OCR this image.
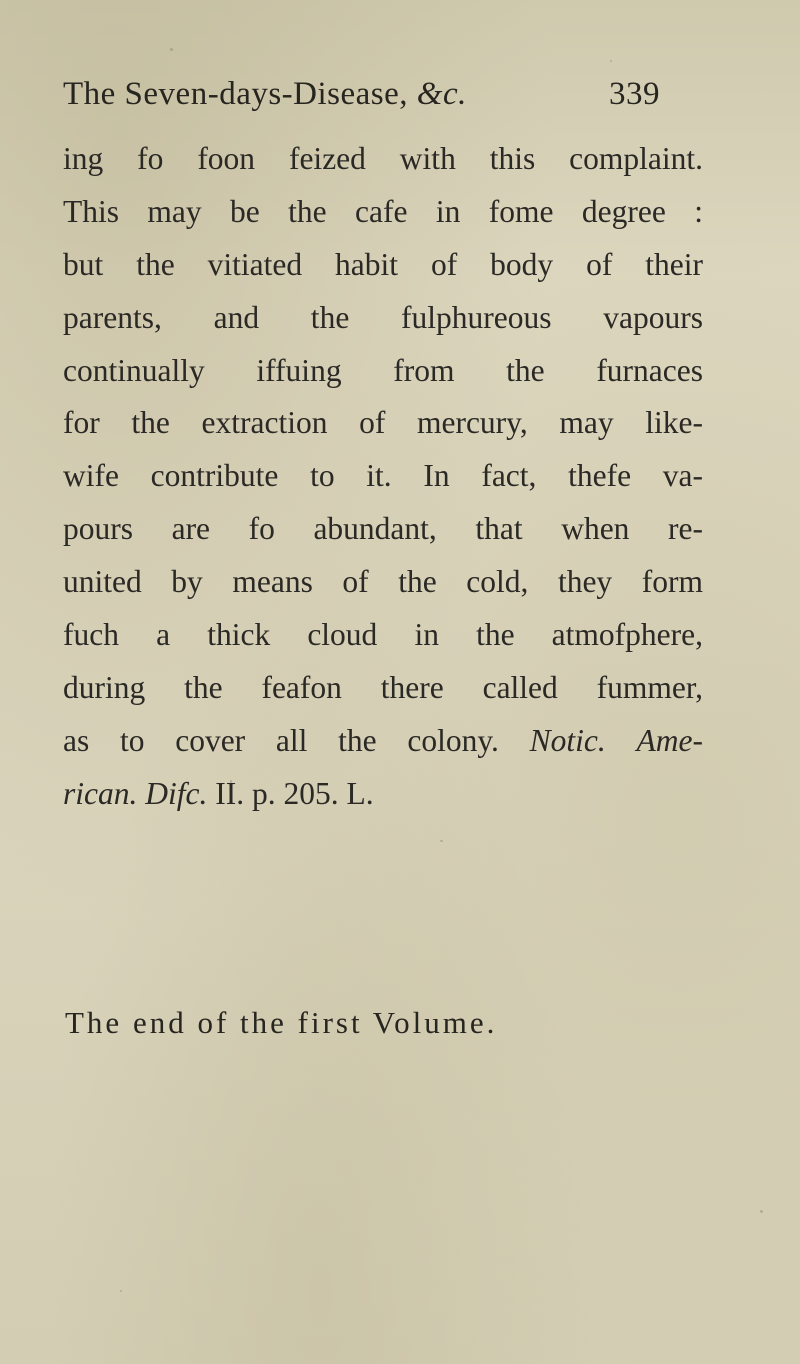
The Seven-days-Disease, &c.	339
ing fo foon feized with this complaint.
This may be the cafe in fome degree :
but the vitiated habit of body of their
parents, and the fulphureous vapours
continually iffuing from the furnaces
for the extraction of mercury, may like-
wife contribute to it. In fact, thefe va-
pours are fo abundant, that when re-
united by means of the cold, they form
fuch a thick cloud in the atmofphere,
during the feafon there called fummer,
as to cover all the colony. Notic. Ame-
rican. Difc. II. p. 205. L.
The end of the first Volume.
